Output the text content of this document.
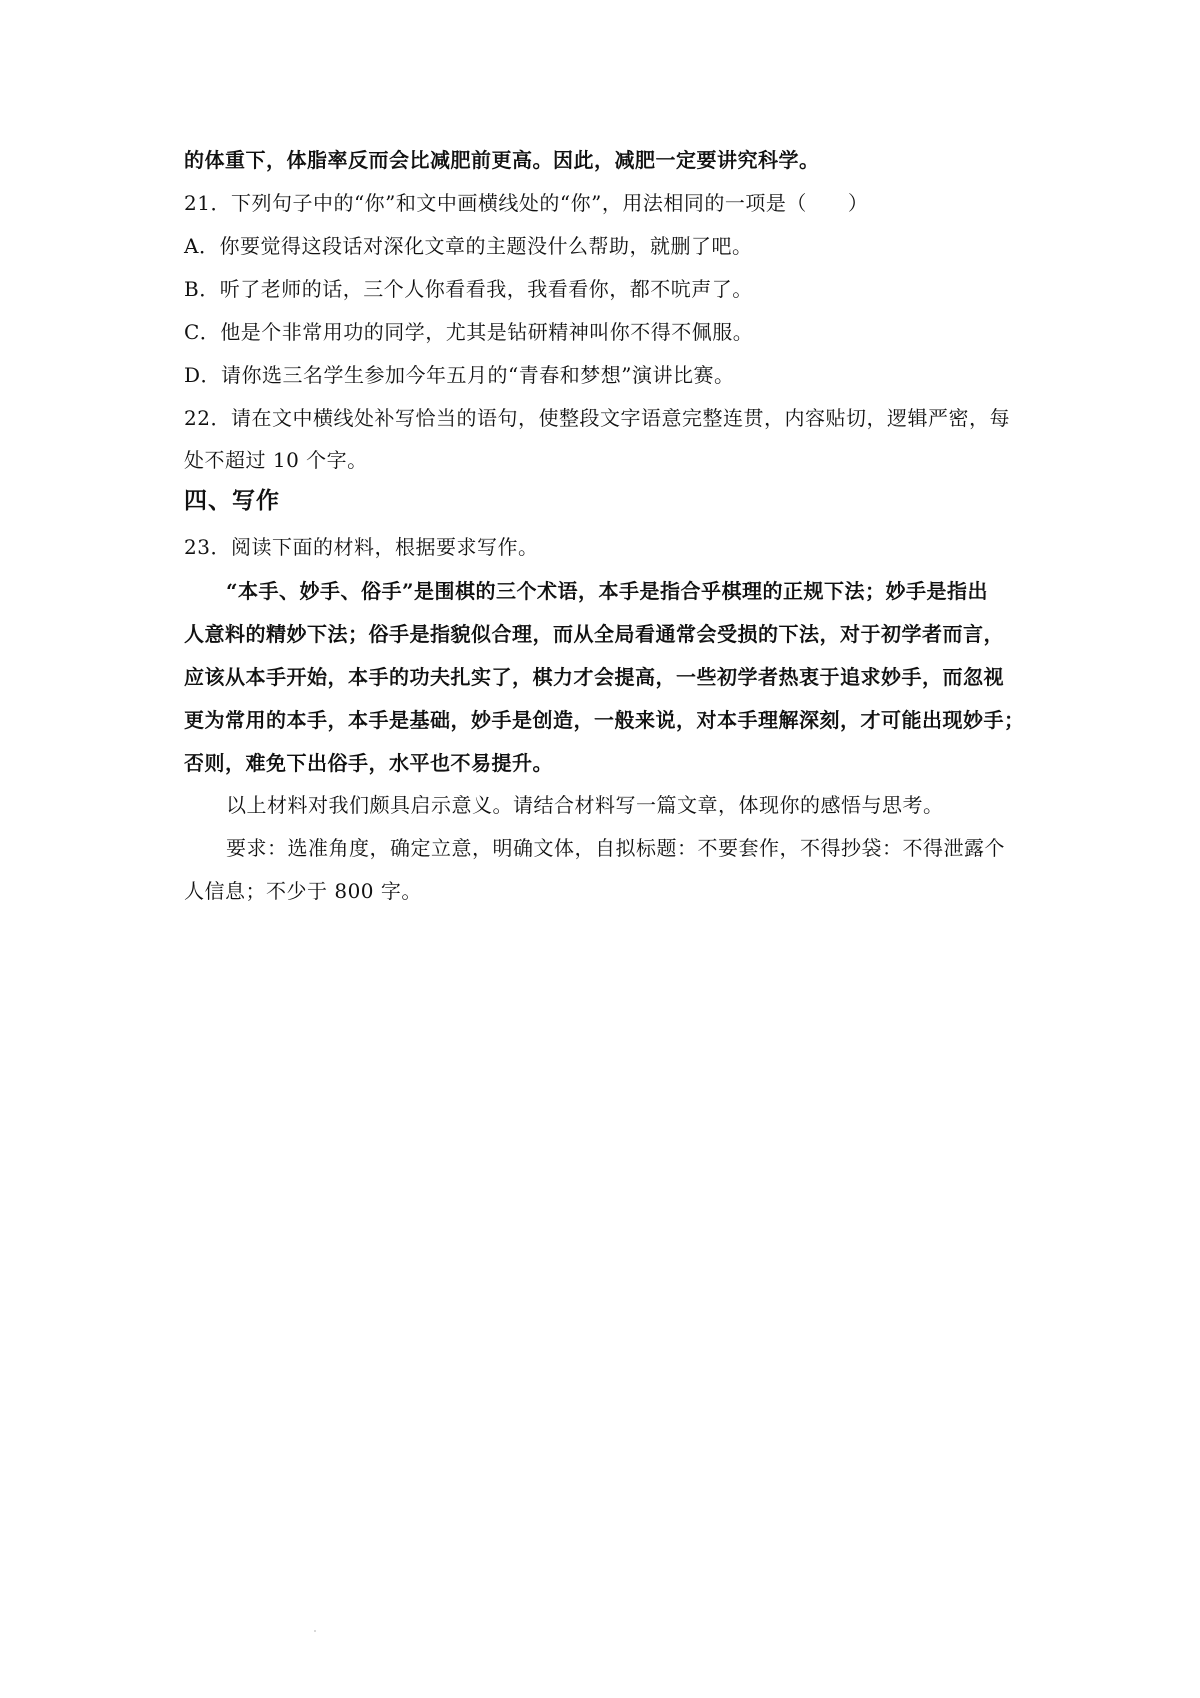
的体重下，体脂率反而会比减肥前更高。因此，减肥一定要讲究科学。
21．下列句子中的“你”和文中画横线处的“你”，用法相同的一项是（　　）
A．你要觉得这段话对深化文章的主题没什么帮助，就删了吧。
B．听了老师的话，三个人你看看我，我看看你，都不吭声了。
C．他是个非常用功的同学，尤其是钻研精神叫你不得不佩服。
D．请你选三名学生参加今年五月的“青春和梦想”演讲比赛。
22．请在文中横线处补写恰当的语句，使整段文字语意完整连贯，内容贴切，逻辑严密，每
处不超过 10 个字。
四、写作
23．阅读下面的材料，根据要求写作。
“本手、妙手、俗手”是围棋的三个术语，本手是指合乎棋理的正规下法；妙手是指出
人意料的精妙下法；俗手是指貌似合理，而从全局看通常会受损的下法，对于初学者而言，
应该从本手开始，本手的功夫扎实了，棋力才会提高，一些初学者热衷于追求妙手，而忽视
更为常用的本手，本手是基础，妙手是创造，一般来说，对本手理解深刻，才可能出现妙手；
否则，难免下出俗手，水平也不易提升。
以上材料对我们颇具启示意义。请结合材料写一篇文章，体现你的感悟与思考。
要求：选准角度，确定立意，明确文体，自拟标题：不要套作，不得抄袋：不得泄露个
人信息；不少于 800 字。
